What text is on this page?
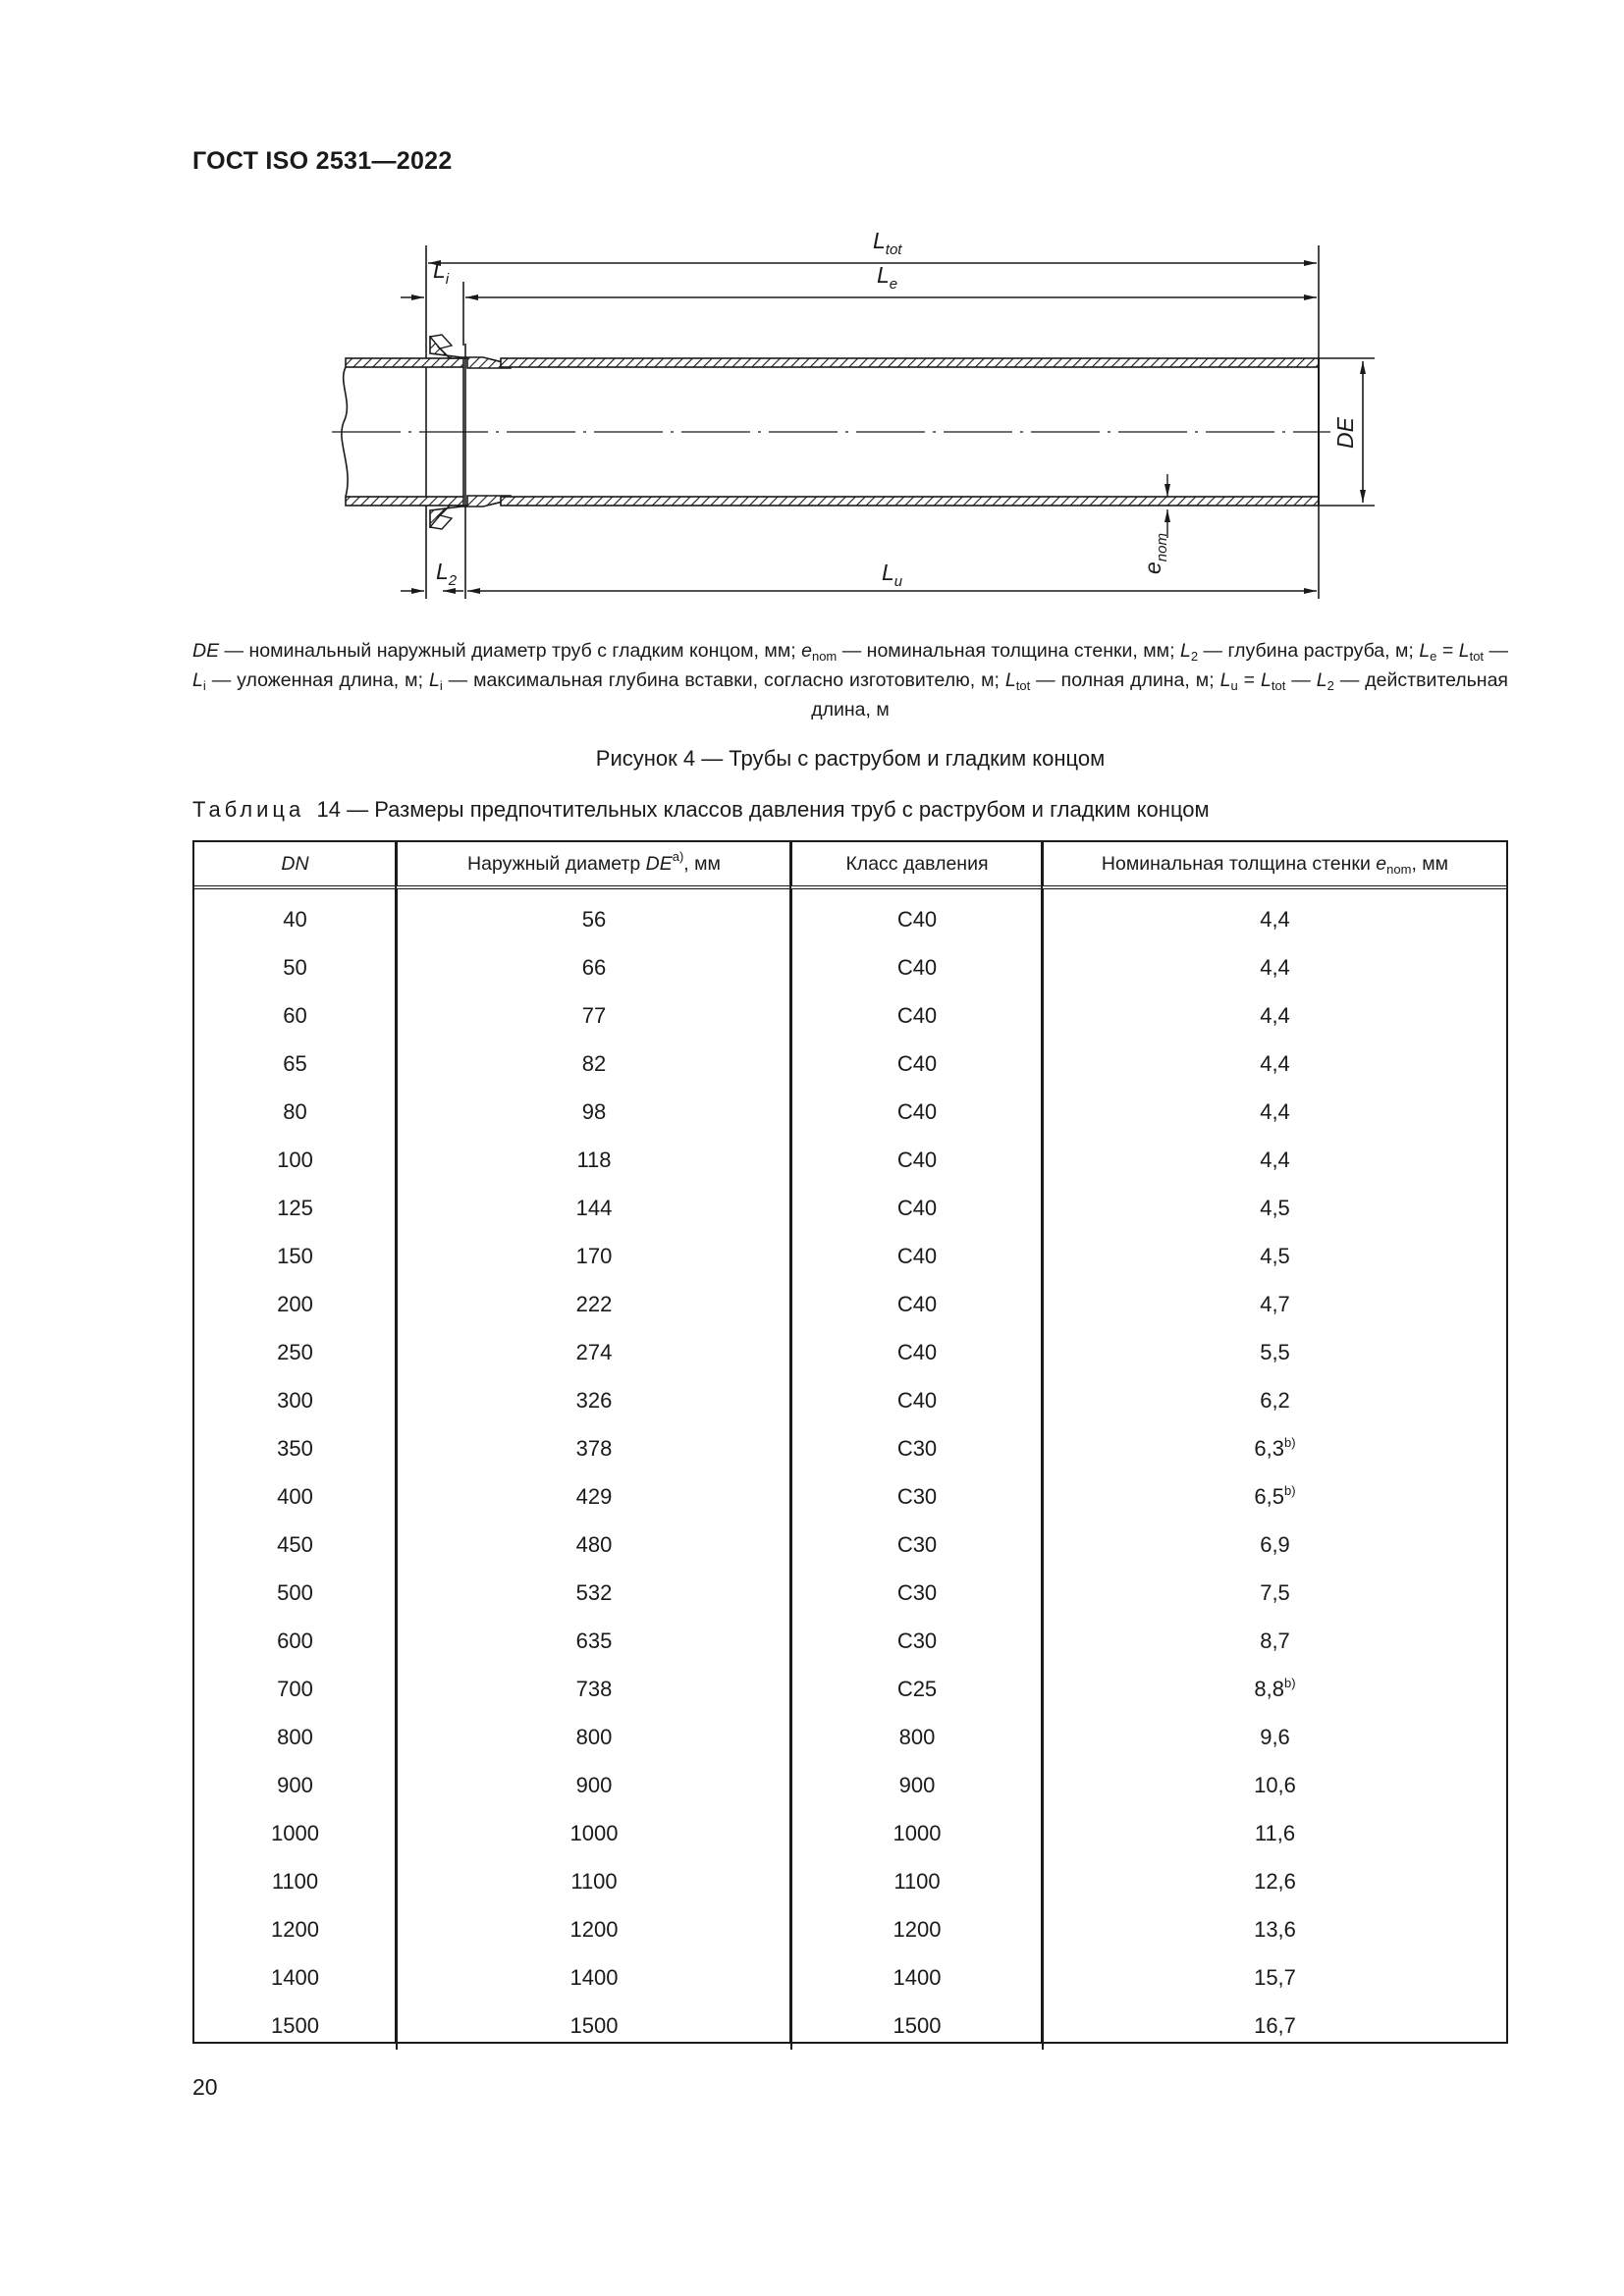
ГОСТ ISO 2531—2022
$L_{tot}$
$L_e$
$L_i$
$L_2$	$L_u$
DE
$e_{nom}$
DE — номинальный наружный диаметр труб с гладким концом, мм; $e_{nom}$ — номинальная толщина стенки, мм; $L_2$ — глубина раструба, м; $L_e = L_{tot}$ — $L_i$ — уложенная длина, м; $L_i$ — максимальная глубина вставки, согласно изготовителю, м; $L_{tot}$ — полная длина, м; $L_u = L_{tot}$ — $L_2$ — действительная длина, м
Рисунок 4 — Трубы с раструбом и гладким концом
Таблица 14 — Размеры предпочтительных классов давления труб с раструбом и гладким концом
DN	Наружный диаметр DE$^{a)}$, мм	Класс давления	Номинальная толщина стенки $e_{nom}$, мм
40	56	C40	4,4
50	66	C40	4,4
60	77	C40	4,4
65	82	C40	4,4
80	98	C40	4,4
100	118	C40	4,4
125	144	C40	4,5
150	170	C40	4,5
200	222	C40	4,7
250	274	C40	5,5
300	326	C40	6,2
350	378	C30	6,3$^{b)}$
400	429	C30	6,5$^{b)}$
450	480	C30	6,9
500	532	C30	7,5
600	635	C30	8,7
700	738	C25	8,8$^{b)}$
800	800	800	9,6
900	900	900	10,6
1000	1000	1000	11,6
1100	1100	1100	12,6
1200	1200	1200	13,6
1400	1400	1400	15,7
1500	1500	1500	16,7
20
